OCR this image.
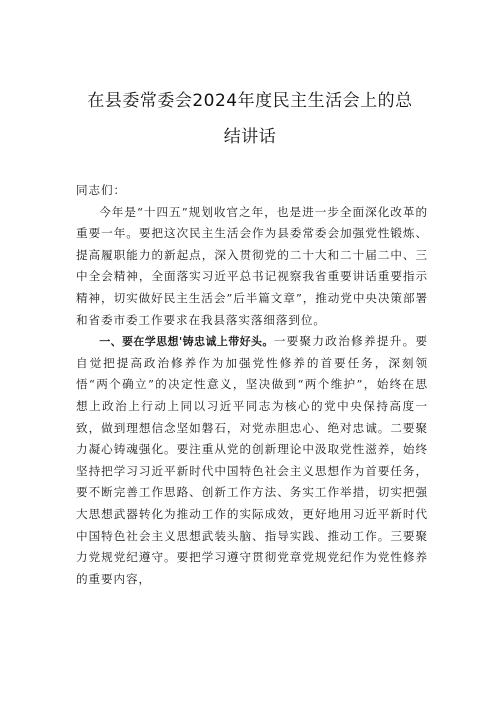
在县委常委会2024年度民主生活会上的总
结讲话

同志们：

今年是“十四五”规划收官之年，也是进一步全面深化改革的重要一年。要把这次民主生活会作为县委常委会加强党性锻炼、提高履职能力的新起点，深入贯彻党的二十大和二十届二中、三中全会精神，全面落实习近平总书记视察我省重要讲话重要指示精神，切实做好民主生活会”后半篇文章”，推动党中央决策部署和省委市委工作要求在我县落实落细落到位。

一、要在学思想'铸忠诚上带好头。一要聚力政治修养提升。要自觉把提高政治修养作为加强党性修养的首要任务，深刻领悟“两个确立”的决定性意义，坚决做到“两个维护”，始终在思想上政治上行动上同以习近平同志为核心的党中央保持高度一致，做到理想信念坚如磐石，对党赤胆忠心、绝对忠诚。二要聚力凝心铸魂强化。要注重从党的创新理论中汲取党性滋养，始终坚持把学习习近平新时代中国特色社会主义思想作为首要任务，要不断完善工作思路、创新工作方法、务实工作举措，切实把强大思想武器转化为推动工作的实际成效，更好地用习近平新时代中国特色社会主义思想武装头脑、指导实践、推动工作。三要聚力党规党纪遵守。要把学习遵守贯彻党章党规党纪作为党性修养的重要内容，
